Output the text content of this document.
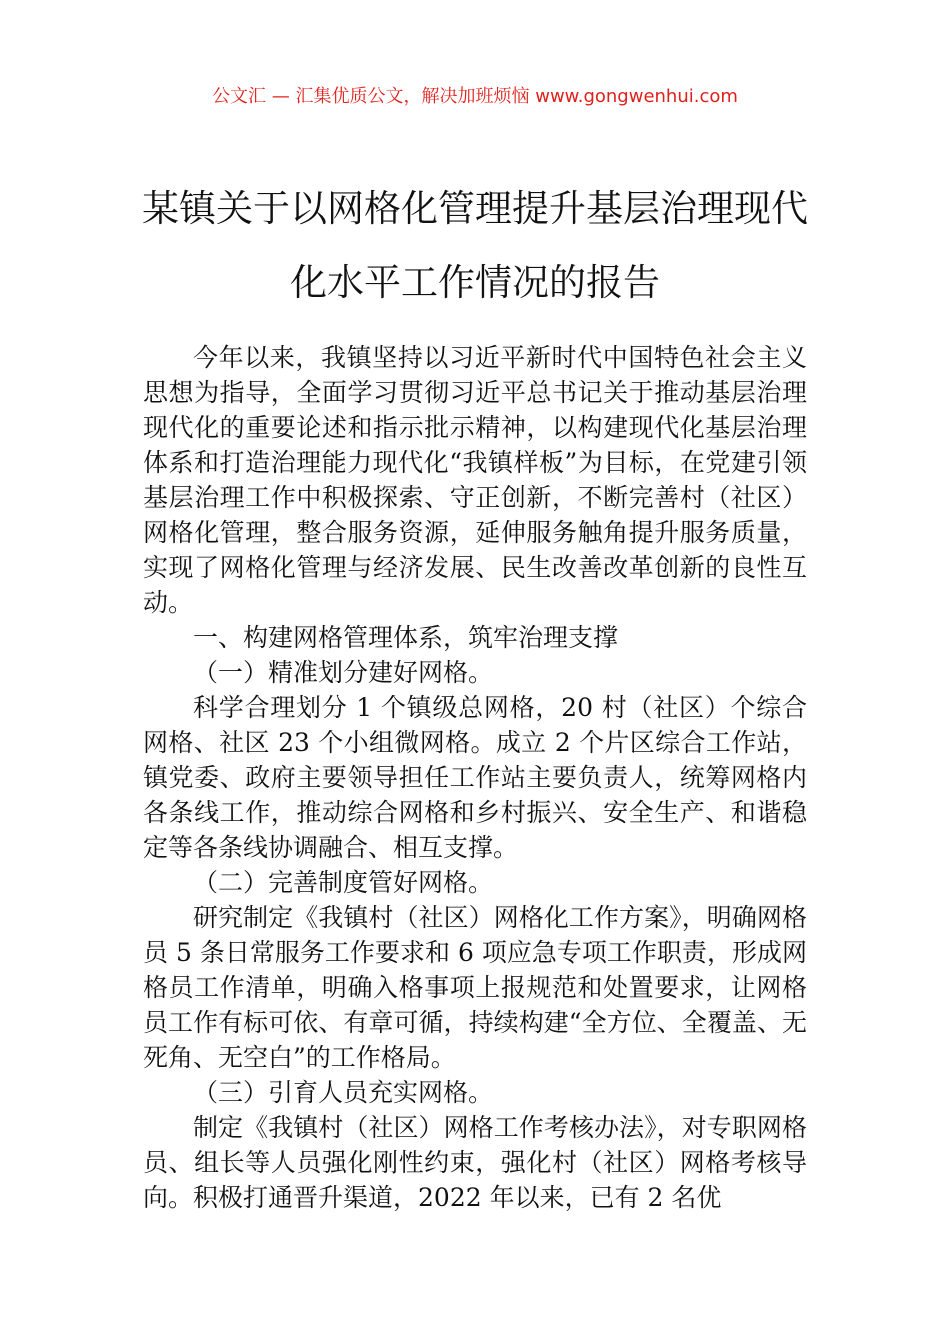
公文汇 — 汇集优质公文，解决加班烦恼 www.gongwenhui.com
某镇关于以网格化管理提升基层治理现代
化水平工作情况的报告

今年以来，我镇坚持以习近平新时代中国特色社会主义思想为指导，全面学习贯彻习近平总书记关于推动基层治理现代化的重要论述和指示批示精神，以构建现代化基层治理体系和打造治理能力现代化“我镇样板”为目标，在党建引领基层治理工作中积极探索、守正创新，不断完善村（社区）网格化管理，整合服务资源，延伸服务触角提升服务质量，实现了网格化管理与经济发展、民生改善改革创新的良性互动。

一、构建网格管理体系，筑牢治理支撑

（一）精准划分建好网格。

科学合理划分 1 个镇级总网格，20 村（社区）个综合网格、社区 23 个小组微网格。成立 2 个片区综合工作站，镇党委、政府主要领导担任工作站主要负责人，统筹网格内各条线工作，推动综合网格和乡村振兴、安全生产、和谐稳定等各条线协调融合、相互支撑。

（二）完善制度管好网格。

研究制定《我镇村（社区）网格化工作方案》，明确网格员 5 条日常服务工作要求和 6 项应急专项工作职责，形成网格员工作清单，明确入格事项上报规范和处置要求，让网格员工作有标可依、有章可循，持续构建“全方位、全覆盖、无死角、无空白”的工作格局。

（三）引育人员充实网格。

制定《我镇村（社区）网格工作考核办法》，对专职网格员、组长等人员强化刚性约束，强化村（社区）网格考核导向。积极打通晋升渠道，2022 年以来，已有 2 名优
